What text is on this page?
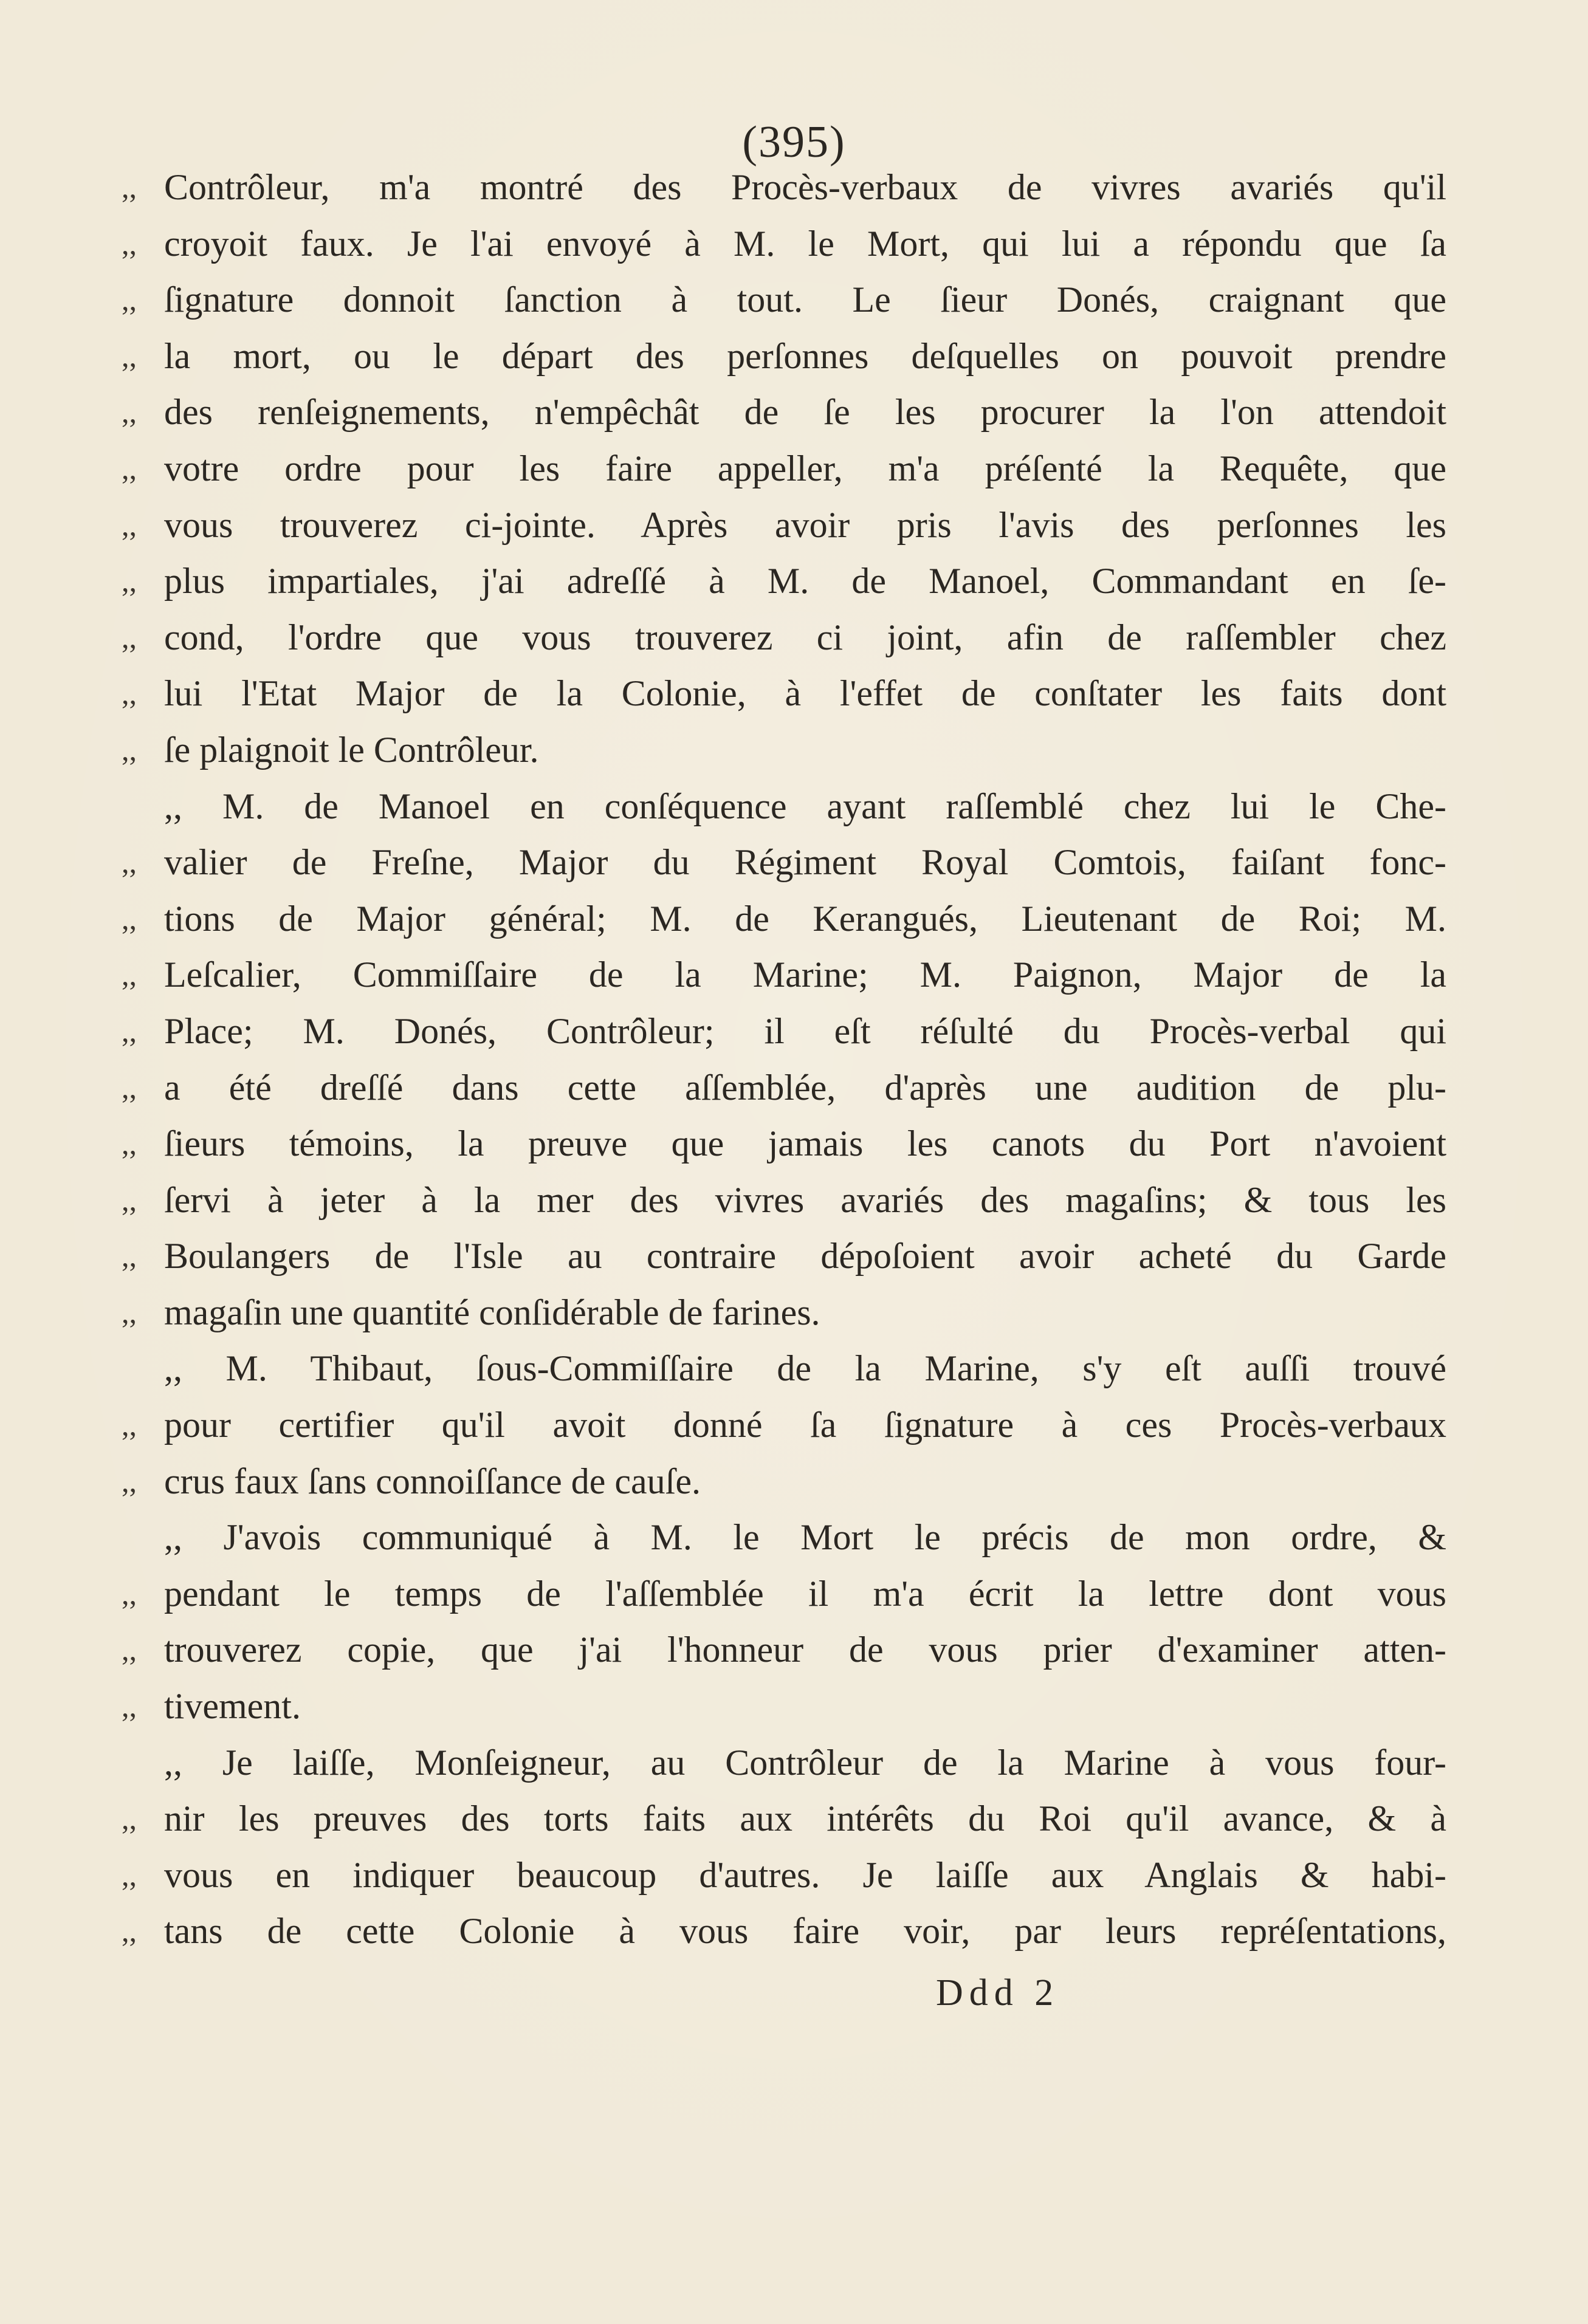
(395)
,, Contrôleur, m'a montré des Procès-verbaux de vivres avariés qu'il
,, croyoit faux. Je l'ai envoyé à M. le Mort, qui lui a répondu que ſa
,, ſignature donnoit ſanction à tout. Le ſieur Donés, craignant que
,, la mort, ou le départ des perſonnes deſquelles on pouvoit prendre
,, des renſeignements, n'empêchât de ſe les procurer la l'on attendoit
,, votre ordre pour les faire appeller, m'a préſenté la Requête, que
,, vous trouverez ci-jointe. Après avoir pris l'avis des perſonnes les
,, plus impartiales, j'ai adreſſé à M. de Manoel, Commandant en ſe-
,, cond, l'ordre que vous trouverez ci joint, afin de raſſembler chez
,, lui l'Etat Major de la Colonie, à l'effet de conſtater les faits dont
,, ſe plaignoit le Contrôleur.
,, M. de Manoel en conſéquence ayant raſſemblé chez lui le Che-
,, valier de Freſne, Major du Régiment Royal Comtois, faiſant fonc-
,, tions de Major général; M. de Kerangués, Lieutenant de Roi; M.
,, Leſcalier, Commiſſaire de la Marine; M. Paignon, Major de la
,, Place; M. Donés, Contrôleur; il eſt réſulté du Procès-verbal qui
,, a été dreſſé dans cette aſſemblée, d'après une audition de plu-
,, ſieurs témoins, la preuve que jamais les canots du Port n'avoient
,, ſervi à jeter à la mer des vivres avariés des magaſins; & tous les
,, Boulangers de l'Isle au contraire dépoſoient avoir acheté du Garde
,, magaſin une quantité conſidérable de farines.
,, M. Thibaut, ſous-Commiſſaire de la Marine, s'y eſt auſſi trouvé
,, pour certifier qu'il avoit donné ſa ſignature à ces Procès-verbaux
,, crus faux ſans connoiſſance de cauſe.
,, J'avois communiqué à M. le Mort le précis de mon ordre, &
,, pendant le temps de l'aſſemblée il m'a écrit la lettre dont vous
,, trouverez copie, que j'ai l'honneur de vous prier d'examiner atten-
,, tivement.
,, Je laiſſe, Monſeigneur, au Contrôleur de la Marine à vous four-
,, nir les preuves des torts faits aux intérêts du Roi qu'il avance, & à
,, vous en indiquer beaucoup d'autres. Je laiſſe aux Anglais & habi-
,, tans de cette Colonie à vous faire voir, par leurs repréſentations,
Ddd 2
